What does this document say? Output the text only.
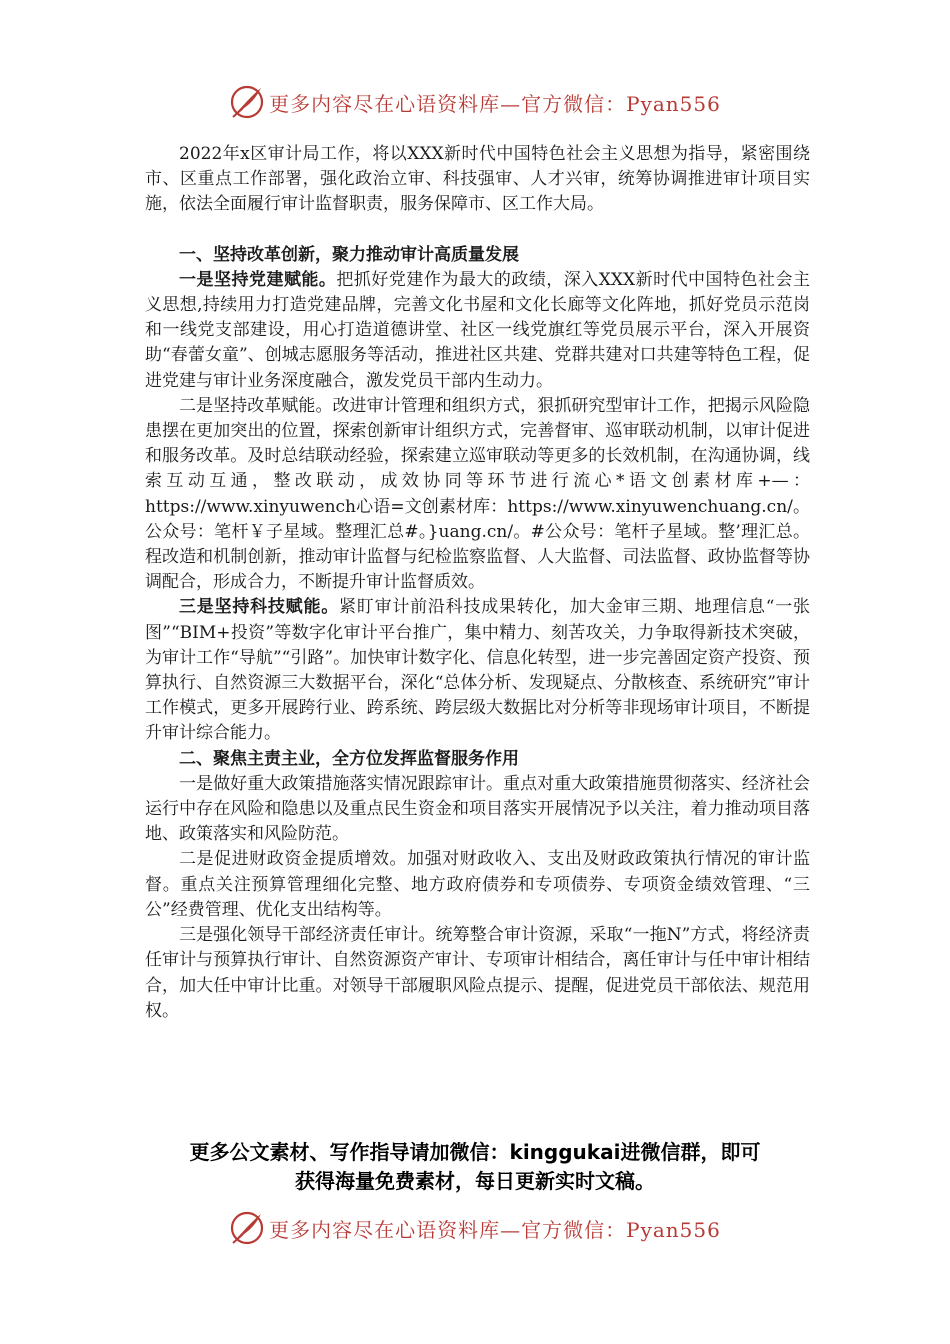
更多内容尽在心语资料库—官方微信：Pyan556

2022年x区审计局工作，将以XXX新时代中国特色社会主义思想为指导，紧密围绕市、区重点工作部署，强化政治立审、科技强审、人才兴审，统筹协调推进审计项目实施，依法全面履行审计监督职责，服务保障市、区工作大局。

一、坚持改革创新，聚力推动审计高质量发展

一是坚持党建赋能。把抓好党建作为最大的政绩，深入XXX新时代中国特色社会主义思想,持续用力打造党建品牌，完善文化书屋和文化长廊等文化阵地，抓好党员示范岗和一线党支部建设，用心打造道德讲堂、社区一线党旗红等党员展示平台，深入开展资助“春蕾女童”、创城志愿服务等活动，推进社区共建、党群共建对口共建等特色工程，促进党建与审计业务深度融合，激发党员干部内生动力。

二是坚持改革赋能。改进审计管理和组织方式，狠抓研究型审计工作，把揭示风险隐患摆在更加突出的位置，探索创新审计组织方式，完善督审、巡审联动机制，以审计促进和服务改革。及时总结联动经验，探索建立巡审联动等更多的长效机制，在沟通协调，线索互动互通，整改联动，成效协同等环节进行流心*语文创素材库+—：https://www.xinyuwench心语=文创素材库：https://www.xinyuwenchuang.cn/。公众号：笔杆￥子星域。整理汇总#。}uang.cn/。#公众号：笔杆子星域。整’理汇总。程改造和机制创新，推动审计监督与纪检监察监督、人大监督、司法监督、政协监督等协调配合，形成合力，不断提升审计监督质效。

三是坚持科技赋能。紧盯审计前沿科技成果转化，加大金审三期、地理信息“一张图”“BIM+投资”等数字化审计平台推广，集中精力、刻苦攻关，力争取得新技术突破，为审计工作“导航”“引路”。加快审计数字化、信息化转型，进一步完善固定资产投资、预算执行、自然资源三大数据平台，深化“总体分析、发现疑点、分散核查、系统研究”审计工作模式，更多开展跨行业、跨系统、跨层级大数据比对分析等非现场审计项目，不断提升审计综合能力。

二、聚焦主责主业，全方位发挥监督服务作用

一是做好重大政策措施落实情况跟踪审计。重点对重大政策措施贯彻落实、经济社会运行中存在风险和隐患以及重点民生资金和项目落实开展情况予以关注，着力推动项目落地、政策落实和风险防范。

二是促进财政资金提质增效。加强对财政收入、支出及财政政策执行情况的审计监督。重点关注预算管理细化完整、地方政府债券和专项债券、专项资金绩效管理、“三公”经费管理、优化支出结构等。

三是强化领导干部经济责任审计。统筹整合审计资源，采取“一拖N”方式，将经济责任审计与预算执行审计、自然资源资产审计、专项审计相结合，离任审计与任中审计相结合，加大任中审计比重。对领导干部履职风险点提示、提醒，促进党员干部依法、规范用权。

更多公文素材、写作指导请加微信：kinggukai进微信群，即可
获得海量免费素材，每日更新实时文稿。
更多内容尽在心语资料库—官方微信：Pyan556
